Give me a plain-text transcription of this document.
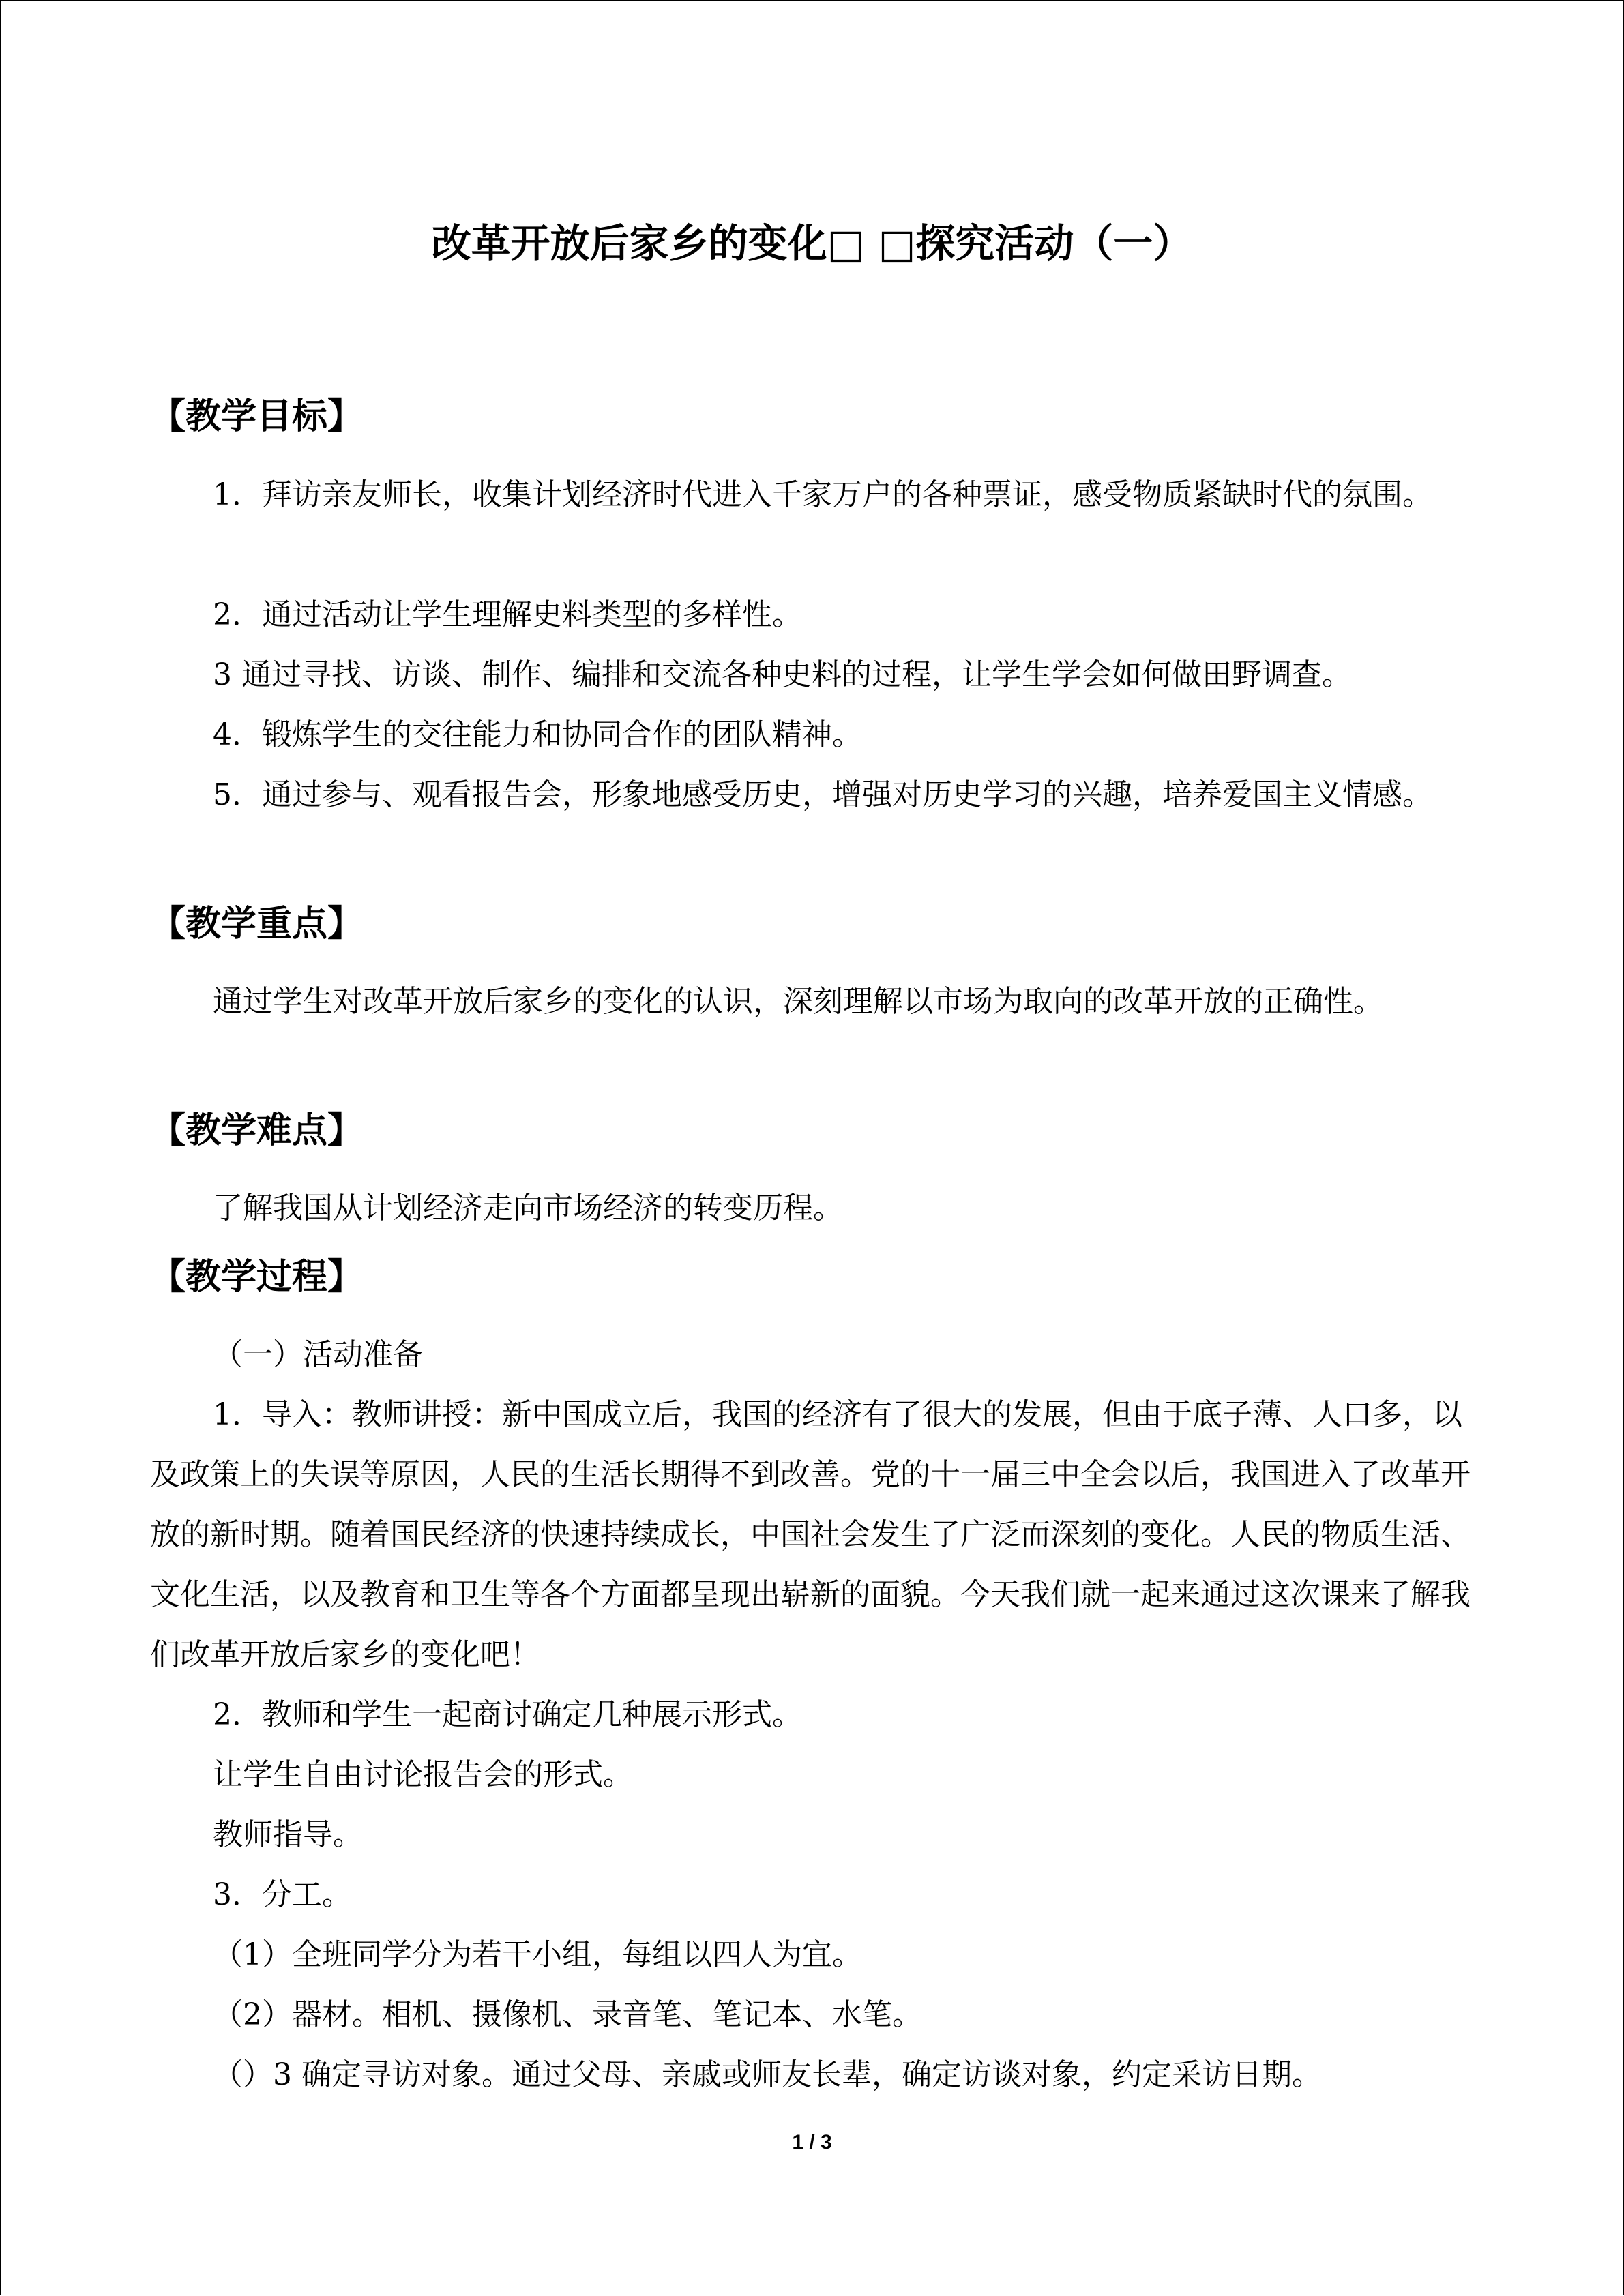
改革开放后家乡的变化□ □探究活动（一）
【教学目标】
1．拜访亲友师长，收集计划经济时代进入千家万户的各种票证，感受物质紧缺时代的氛围。
2．通过活动让学生理解史料类型的多样性。
3 通过寻找、访谈、制作、编排和交流各种史料的过程，让学生学会如何做田野调查。
4．锻炼学生的交往能力和协同合作的团队精神。
5．通过参与、观看报告会，形象地感受历史，增强对历史学习的兴趣，培养爱国主义情感。
【教学重点】
通过学生对改革开放后家乡的变化的认识，深刻理解以市场为取向的改革开放的正确性。
【教学难点】
了解我国从计划经济走向市场经济的转变历程。
【教学过程】
（一）活动准备
1．导入：教师讲授：新中国成立后，我国的经济有了很大的发展，但由于底子薄、人口多，以及政策上的失误等原因，人民的生活长期得不到改善。党的十一届三中全会以后，我国进入了改革开放的新时期。随着国民经济的快速持续成长，中国社会发生了广泛而深刻的变化。人民的物质生活、文化生活，以及教育和卫生等各个方面都呈现出崭新的面貌。今天我们就一起来通过这次课来了解我们改革开放后家乡的变化吧！
2．教师和学生一起商讨确定几种展示形式。
让学生自由讨论报告会的形式。
教师指导。
3．分工。
（1）全班同学分为若干小组，每组以四人为宜。
（2）器材。相机、摄像机、录音笔、笔记本、水笔。
（）3 确定寻访对象。通过父母、亲戚或师友长辈，确定访谈对象，约定采访日期。
1 / 3
